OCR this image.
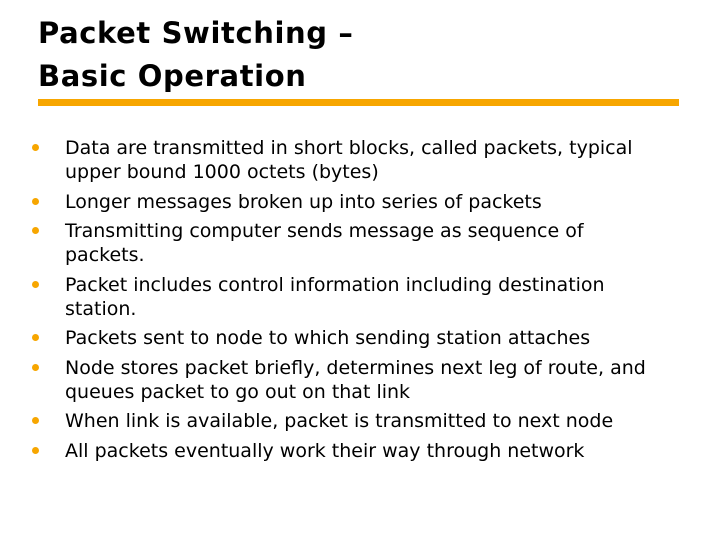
Packet Switching –
Basic Operation
Data are transmitted in short blocks, called packets, typical
upper bound 1000 octets (bytes)
Longer messages broken up into series of packets
Transmitting computer sends message as sequence of
packets.
Packet includes control information including destination
station.
Packets sent to node to which sending station attaches
Node stores packet briefly, determines next leg of route, and
queues packet to go out on that link
When link is available, packet is transmitted to next node
All packets eventually work their way through network
